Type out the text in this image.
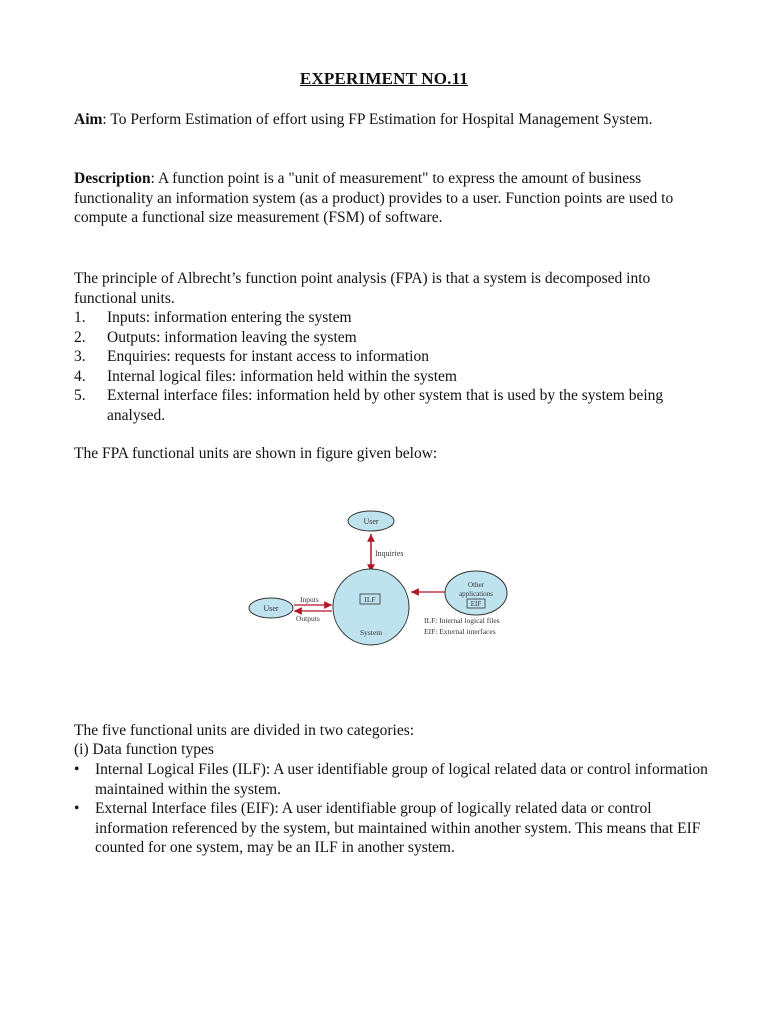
EXPERIMENT NO.11
Aim: To Perform Estimation of effort using FP Estimation for Hospital Management System.
Description: A function point is a "unit of measurement" to express the amount of business functionality an information system (as a product) provides to a user. Function points are used to compute a functional size measurement (FSM) of software.
The principle of Albrecht’s function point analysis (FPA) is that a system is decomposed into functional units.
1. Inputs: information entering the system
2. Outputs: information leaving the system
3. Enquiries: requests for instant access to information
4. Internal logical files: information held within the system
5. External interface files: information held by other system that is used by the system being analysed.
The FPA functional units are shown in figure given below:
User
Inquiries
ILF
System
User
Inputs
Outputs
Other
applications
EIF
ILF: Internal logical files
EIF: External interfaces
The five functional units are divided in two categories:
(i) Data function types
• Internal Logical Files (ILF): A user identifiable group of logical related data or control information maintained within the system.
• External Interface files (EIF): A user identifiable group of logically related data or control information referenced by the system, but maintained within another system. This means that EIF counted for one system, may be an ILF in another system.
